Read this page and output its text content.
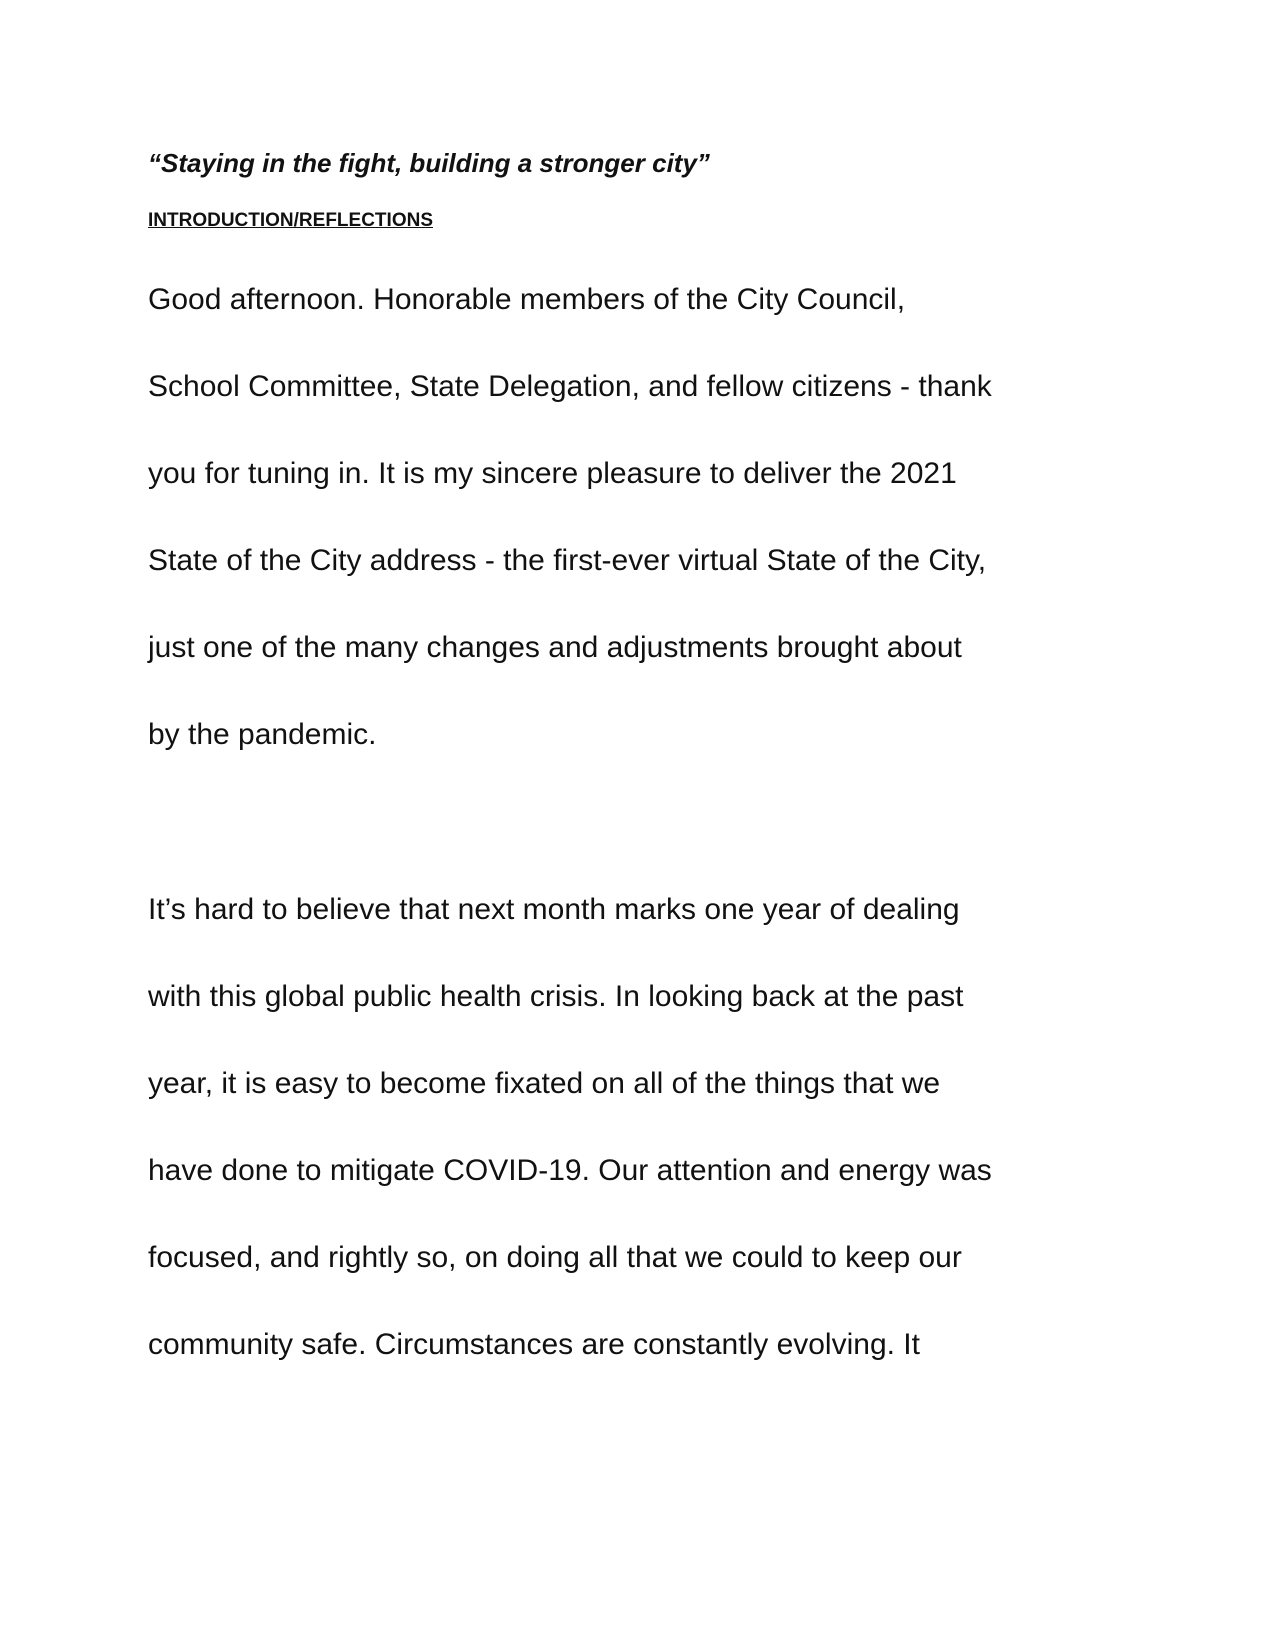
“Staying in the fight, building a stronger city”
INTRODUCTION/REFLECTIONS
Good afternoon. Honorable members of the City Council,
School Committee, State Delegation, and fellow citizens - thank
you for tuning in. It is my sincere pleasure to deliver the 2021
State of the City address - the first-ever virtual State of the City,
just one of the many changes and adjustments brought about
by the pandemic.
It’s hard to believe that next month marks one year of dealing
with this global public health crisis. In looking back at the past
year, it is easy to become fixated on all of the things that we
have done to mitigate COVID-19. Our attention and energy was
focused, and rightly so, on doing all that we could to keep our
community safe. Circumstances are constantly evolving. It
